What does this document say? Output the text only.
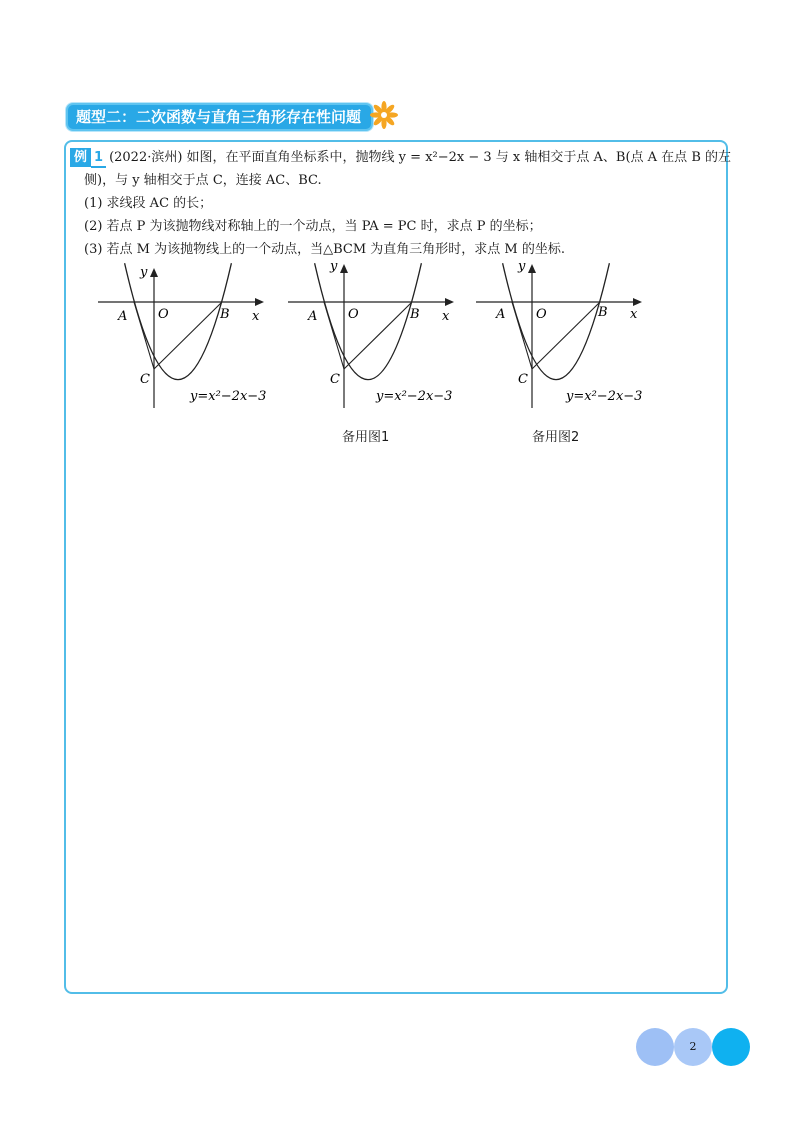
题型二：二次函数与直角三角形存在性问题
例 1 (2022·滨州) 如图，在平面直角坐标系中，抛物线 y = x²−2x − 3 与 x 轴相交于点 A、B(点 A 在点 B 的左
侧)，与 y 轴相交于点 C，连接 AC、BC.
(1) 求线段 AC 的长；
(2) 若点 P 为该抛物线对称轴上的一个动点，当 PA = PC 时，求点 P 的坐标；
(3) 若点 M 为该抛物线上的一个动点，当△BCM 为直角三角形时，求点 M 的坐标.
A O	B x
y
C
y=x²−2x−3
A O	B x
y
C
y=x²−2x−3
备用图1
A O	B x
y
C
y=x²−2x−3
备用图2
2
